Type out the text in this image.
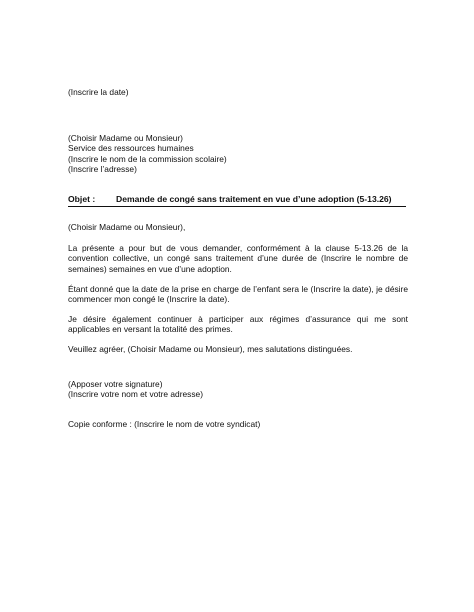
(Inscrire la date)
(Choisir Madame ou Monsieur)
Service des ressources humaines
(Inscrire le nom de la commission scolaire)
(Inscrire l’adresse)
Objet : Demande de congé sans traitement en vue d’une adoption (5-13.26)
(Choisir Madame ou Monsieur),
La présente a pour but de vous demander, conformément à la clause 5-13.26 de la convention collective, un congé sans traitement d’une durée de (Inscrire le nombre de semaines) semaines en vue d’une adoption.
Étant donné que la date de la prise en charge de l’enfant sera le (Inscrire la date), je désire commencer mon congé le (Inscrire la date).
Je désire également continuer à participer aux régimes d’assurance qui me sont applicables en versant la totalité des primes.
Veuillez agréer, (Choisir Madame ou Monsieur), mes salutations distinguées.
(Apposer votre signature)
(Inscrire votre nom et votre adresse)
Copie conforme : (Inscrire le nom de votre syndicat)
